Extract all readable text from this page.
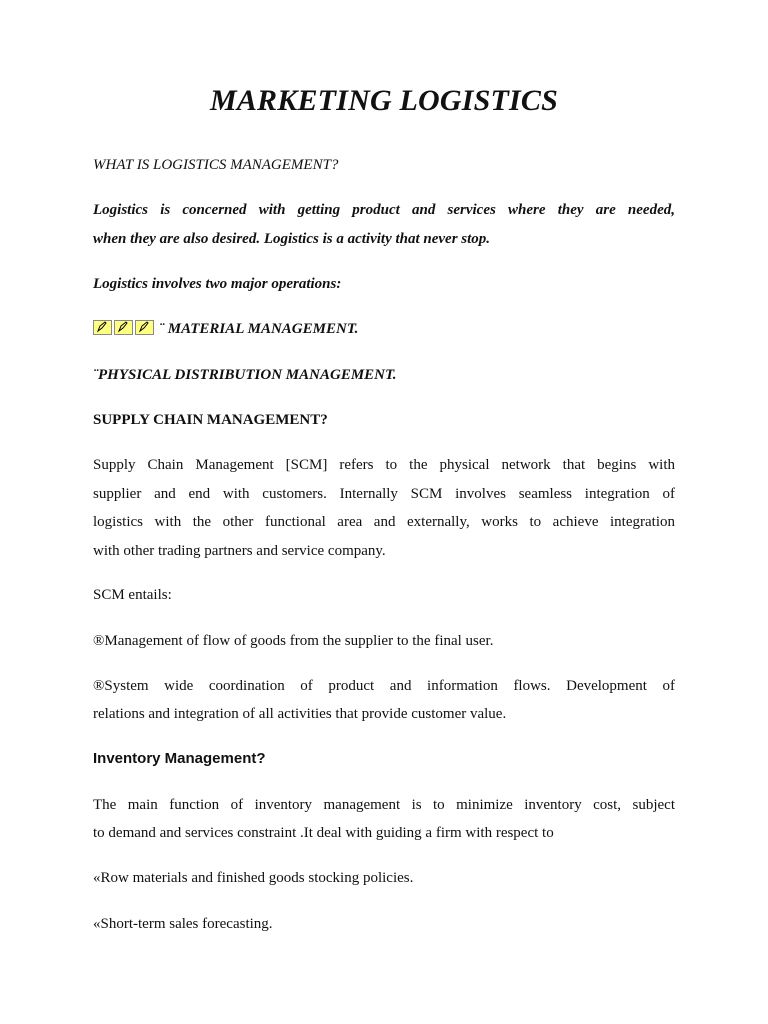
MARKETING LOGISTICS

WHAT IS LOGISTICS MANAGEMENT?

Logistics is concerned with getting product and services where they are needed,

when they are also desired. Logistics is a activity that never stop.

Logistics involves two major operations:

¨ MATERIAL MANAGEMENT.

¨PHYSICAL DISTRIBUTION MANAGEMENT.

SUPPLY CHAIN MANAGEMENT?

Supply Chain Management [SCM] refers to the physical network that begins with

supplier and end with customers. Internally SCM involves seamless integration of

logistics with the other functional area and externally, works to achieve integration

with other trading partners and service company.

SCM entails:

®Management of flow of goods from the supplier to the final user.

®System wide coordination of product and information flows. Development of

relations and integration of all activities that provide customer value.

Inventory Management?

The main function of inventory management is to minimize inventory cost, subject

to demand and services constraint .It deal with guiding a firm with respect to

«Row materials and finished goods stocking policies.

«Short-term sales forecasting.
